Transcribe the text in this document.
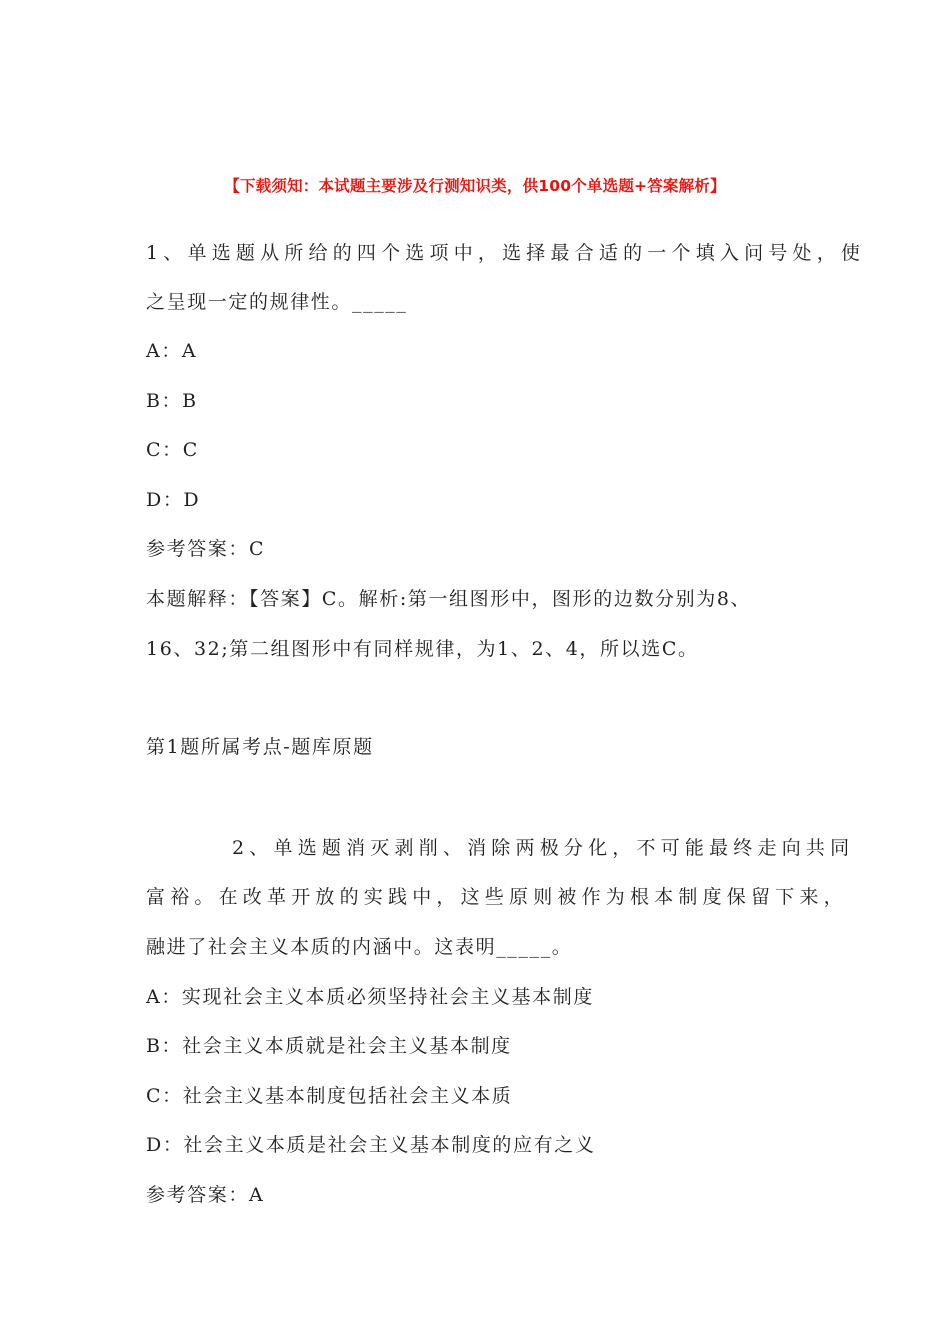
【下载须知：本试题主要涉及行测知识类，供100个单选题+答案解析】
1、单选题从所给的四个选项中，选择最合适的一个填入问号处，使
之呈现一定的规律性。_____
A：A
B：B
C：C
D：D
参考答案：C
本题解释：【答案】C。解析:第一组图形中，图形的边数分别为8、
16、32;第二组图形中有同样规律，为1、2、4，所以选C。
第1题所属考点-题库原题
2、单选题消灭剥削、消除两极分化，不可能最终走向共同
富裕。在改革开放的实践中，这些原则被作为根本制度保留下来，
融进了社会主义本质的内涵中。这表明_____。
A：实现社会主义本质必须坚持社会主义基本制度
B：社会主义本质就是社会主义基本制度
C：社会主义基本制度包括社会主义本质
D：社会主义本质是社会主义基本制度的应有之义
参考答案：A
